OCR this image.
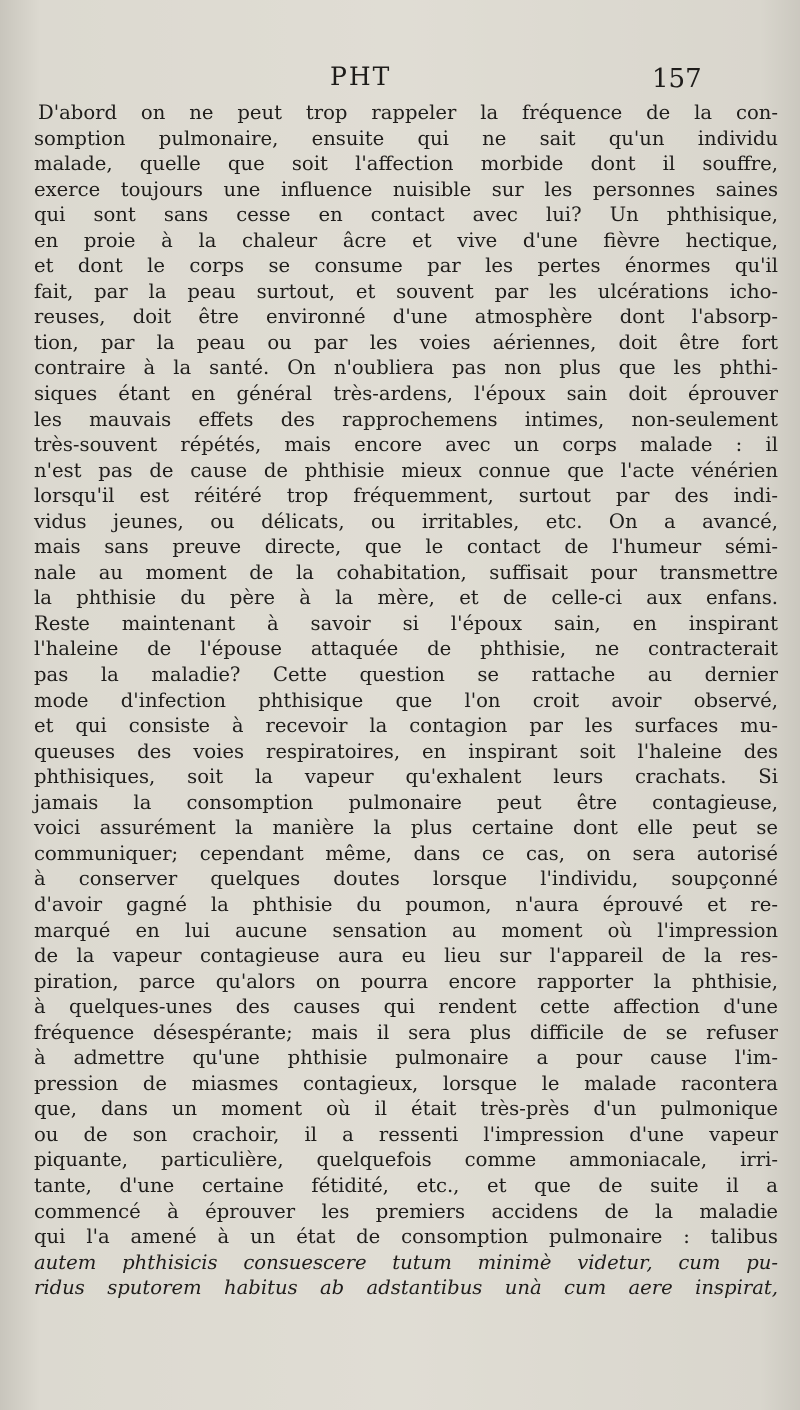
PHT	157
D'abord on ne peut trop rappeler la fréquence de la con-
somption pulmonaire, ensuite qui ne sait qu'un individu
malade, quelle que soit l'affection morbide dont il souffre,
exerce toujours une influence nuisible sur les personnes saines
qui sont sans cesse en contact avec lui? Un phthisique,
en proie à la chaleur âcre et vive d'une fièvre hectique,
et dont le corps se consume par les pertes énormes qu'il
fait, par la peau surtout, et souvent par les ulcérations icho-
reuses, doit être environné d'une atmosphère dont l'absorp-
tion, par la peau ou par les voies aériennes, doit être fort
contraire à la santé. On n'oubliera pas non plus que les phthi-
siques étant en général très-ardens, l'époux sain doit éprouver
les mauvais effets des rapprochemens intimes, non-seulement
très-souvent répétés, mais encore avec un corps malade : il
n'est pas de cause de phthisie mieux connue que l'acte vénérien
lorsqu'il est réitéré trop fréquemment, surtout par des indi-
vidus jeunes, ou délicats, ou irritables, etc. On a avancé,
mais sans preuve directe, que le contact de l'humeur sémi-
nale au moment de la cohabitation, suffisait pour transmettre
la phthisie du père à la mère, et de celle-ci aux enfans.
Reste maintenant à savoir si l'époux sain, en inspirant
l'haleine de l'épouse attaquée de phthisie, ne contracterait
pas la maladie? Cette question se rattache au dernier
mode d'infection phthisique que l'on croit avoir observé,
et qui consiste à recevoir la contagion par les surfaces mu-
queuses des voies respiratoires, en inspirant soit l'haleine des
phthisiques, soit la vapeur qu'exhalent leurs crachats. Si
jamais la consomption pulmonaire peut être contagieuse,
voici assurément la manière la plus certaine dont elle peut se
communiquer; cependant même, dans ce cas, on sera autorisé
à conserver quelques doutes lorsque l'individu, soupçonné
d'avoir gagné la phthisie du poumon, n'aura éprouvé et re-
marqué en lui aucune sensation au moment où l'impression
de la vapeur contagieuse aura eu lieu sur l'appareil de la res-
piration, parce qu'alors on pourra encore rapporter la phthisie,
à quelques-unes des causes qui rendent cette affection d'une
fréquence désespérante; mais il sera plus difficile de se refuser
à admettre qu'une phthisie pulmonaire a pour cause l'im-
pression de miasmes contagieux, lorsque le malade racontera
que, dans un moment où il était très-près d'un pulmonique
ou de son crachoir, il a ressenti l'impression d'une vapeur
piquante, particulière, quelquefois comme ammoniacale, irri-
tante, d'une certaine fétidité, etc., et que de suite il a
commencé à éprouver les premiers accidens de la maladie
qui l'a amené à un état de consomption pulmonaire : talibus
autem phthisicis consuescere tutum minimè videtur, cum pu-
ridus sputorem habitus ab adstantibus unà cum aere inspirat,
